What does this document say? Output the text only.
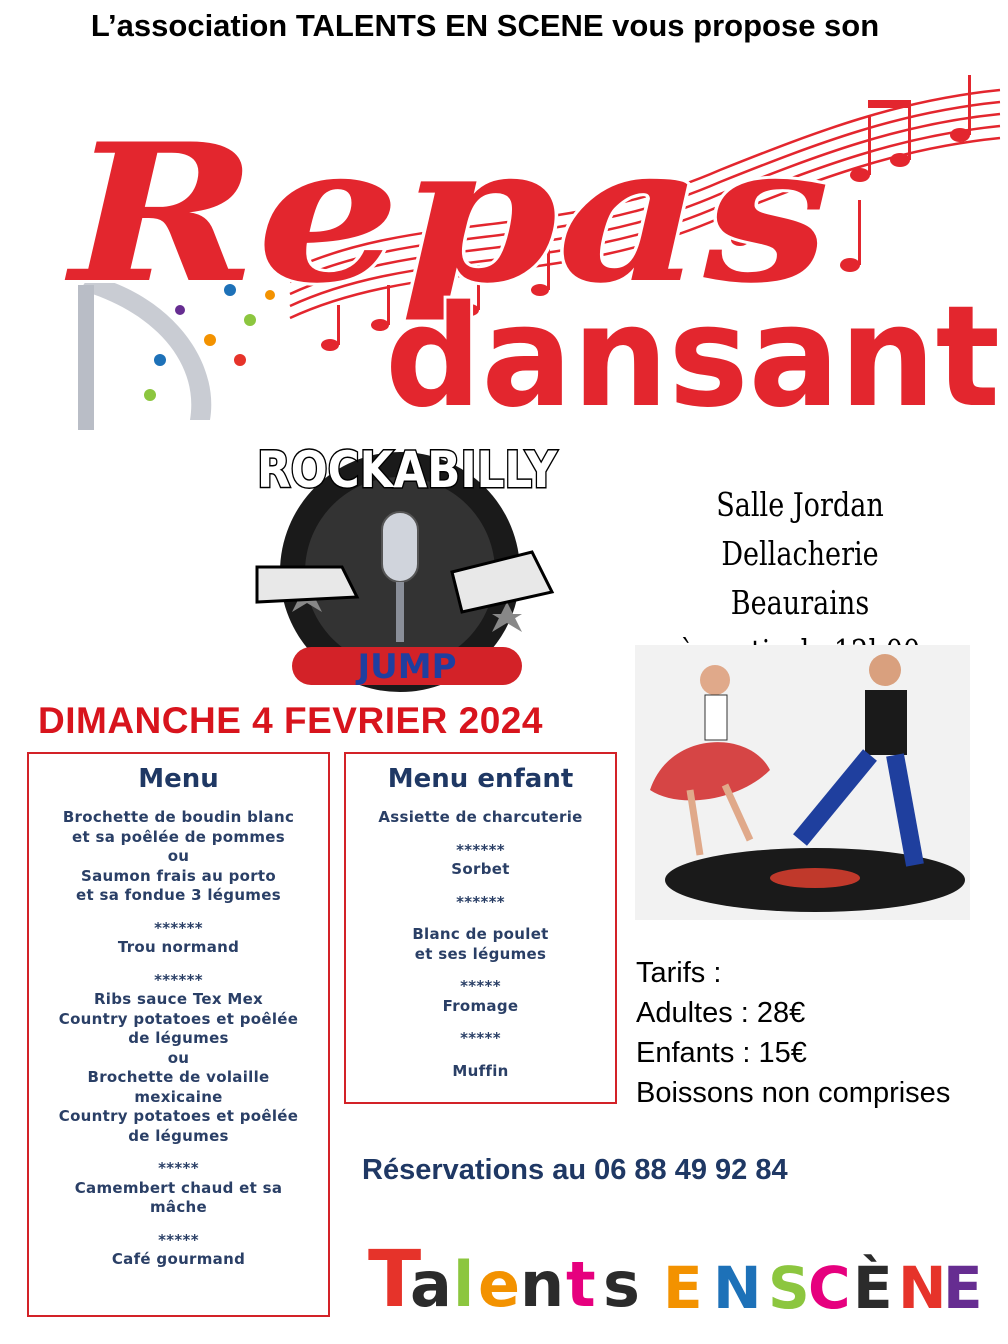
L’association TALENTS EN SCENE vous propose son
Repas
dansant
ROCKABILLY
JUMP
Salle Jordan Dellacherie
Beaurains
DIMANCHE 4 FEVRIER 2024
Menu
Brochette de boudin blanc
et sa poêlée de pommes
ou
Saumon frais au porto
et sa fondue 3 légumes
******
Trou normand
******
Ribs sauce Tex Mex
Country potatoes et poêlée
de légumes
ou
Brochette de volaille
mexicaine
Country potatoes et poêlée
de légumes
*****
Camembert chaud et sa
mâche
*****
Café gourmand
Menu enfant
Assiette de charcuterie
******
Sorbet
******
Blanc de poulet
et ses légumes
*****
Fromage
*****
Muffin
Tarifs :
Adultes : 28€
Enfants : 15€
Boissons non comprises
Réservations au 06 88 49 92 84
T
a l e n t s E N S
C È N
E
